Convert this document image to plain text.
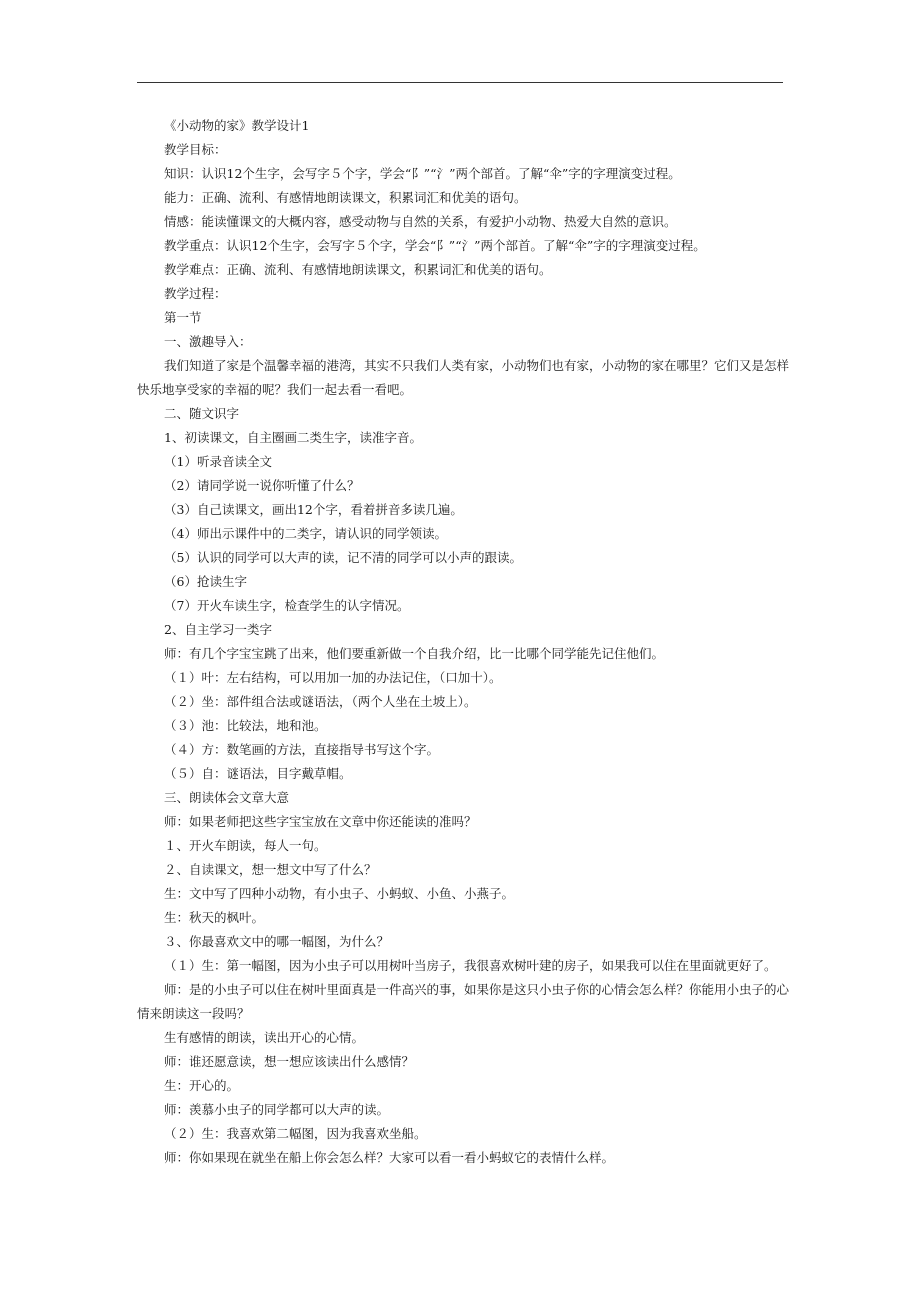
《小动物的家》教学设计1
教学目标：
知识：认识12个生字，会写字５个字，学会“阝”“氵”两个部首。了解“伞”字的字理演变过程。
能力：正确、流利、有感情地朗读课文，积累词汇和优美的语句。
情感：能读懂课文的大概内容，感受动物与自然的关系，有爱护小动物、热爱大自然的意识。
教学重点：认识12个生字，会写字５个字，学会“阝”“氵”两个部首。了解“伞”字的字理演变过程。
教学难点：正确、流利、有感情地朗读课文，积累词汇和优美的语句。
教学过程：
第一节
一、激趣导入：
我们知道了家是个温馨幸福的港湾，其实不只我们人类有家，小动物们也有家，小动物的家在哪里？它们又是怎样
快乐地享受家的幸福的呢？我们一起去看一看吧。
二、随文识字
1、初读课文，自主圈画二类生字，读准字音。
（1）听录音读全文
（2）请同学说一说你听懂了什么？
（3）自己读课文，画出12个字，看着拼音多读几遍。
（4）师出示课件中的二类字，请认识的同学领读。
（5）认识的同学可以大声的读，记不清的同学可以小声的跟读。
（6）抢读生字
（7）开火车读生字，检查学生的认字情况。
2、自主学习一类字
师：有几个字宝宝跳了出来，他们要重新做一个自我介绍，比一比哪个同学能先记住他们。
（１）叶：左右结构，可以用加一加的办法记住，（口加十）。
（２）坐：部件组合法或谜语法，（两个人坐在土坡上）。
（３）池：比较法，地和池。
（４）方：数笔画的方法，直接指导书写这个字。
（５）自：谜语法，目字戴草帽。
三、朗读体会文章大意
师：如果老师把这些字宝宝放在文章中你还能读的准吗？
１、开火车朗读，每人一句。
２、自读课文，想一想文中写了什么？
生：文中写了四种小动物，有小虫子、小蚂蚁、小鱼、小燕子。
生：秋天的枫叶。
３、你最喜欢文中的哪一幅图，为什么？
（１）生：第一幅图，因为小虫子可以用树叶当房子，我很喜欢树叶建的房子，如果我可以住在里面就更好了。
师：是的小虫子可以住在树叶里面真是一件高兴的事，如果你是这只小虫子你的心情会怎么样？你能用小虫子的心
情来朗读这一段吗？
生有感情的朗读，读出开心的心情。
师：谁还愿意读，想一想应该读出什么感情？
生：开心的。
师：羡慕小虫子的同学都可以大声的读。
（２）生：我喜欢第二幅图，因为我喜欢坐船。
师：你如果现在就坐在船上你会怎么样？大家可以看一看小蚂蚁它的表情什么样。
